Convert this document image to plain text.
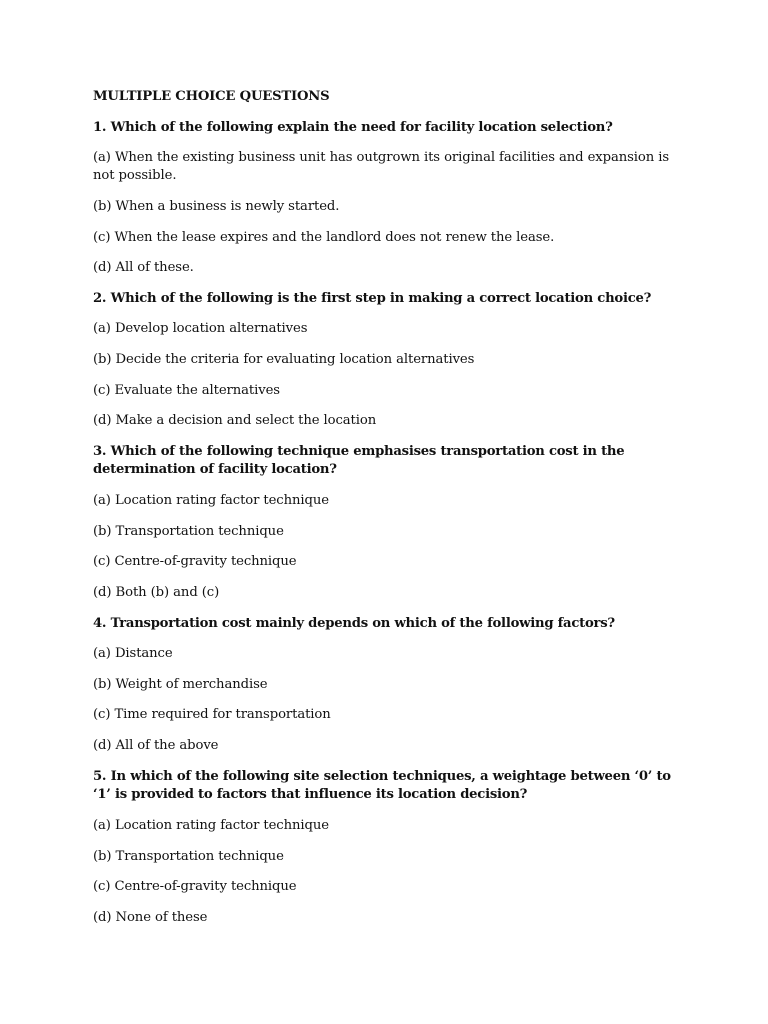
MULTIPLE CHOICE QUESTIONS
1. Which of the following explain the need for facility location selection?
(a) When the existing business unit has outgrown its original facilities and expansion is not possible.
(b) When a business is newly started.
(c) When the lease expires and the landlord does not renew the lease.
(d) All of these.
2. Which of the following is the first step in making a correct location choice?
(a) Develop location alternatives
(b) Decide the criteria for evaluating location alternatives
(c) Evaluate the alternatives
(d) Make a decision and select the location
3. Which of the following technique emphasises transportation cost in the determination of facility location?
(a) Location rating factor technique
(b) Transportation technique
(c) Centre-of-gravity technique
(d) Both (b) and (c)
4. Transportation cost mainly depends on which of the following factors?
(a) Distance
(b) Weight of merchandise
(c) Time required for transportation
(d) All of the above
5. In which of the following site selection techniques, a weightage between ‘0’ to ‘1’ is provided to factors that influence its location decision?
(a) Location rating factor technique
(b) Transportation technique
(c) Centre-of-gravity technique
(d) None of these
